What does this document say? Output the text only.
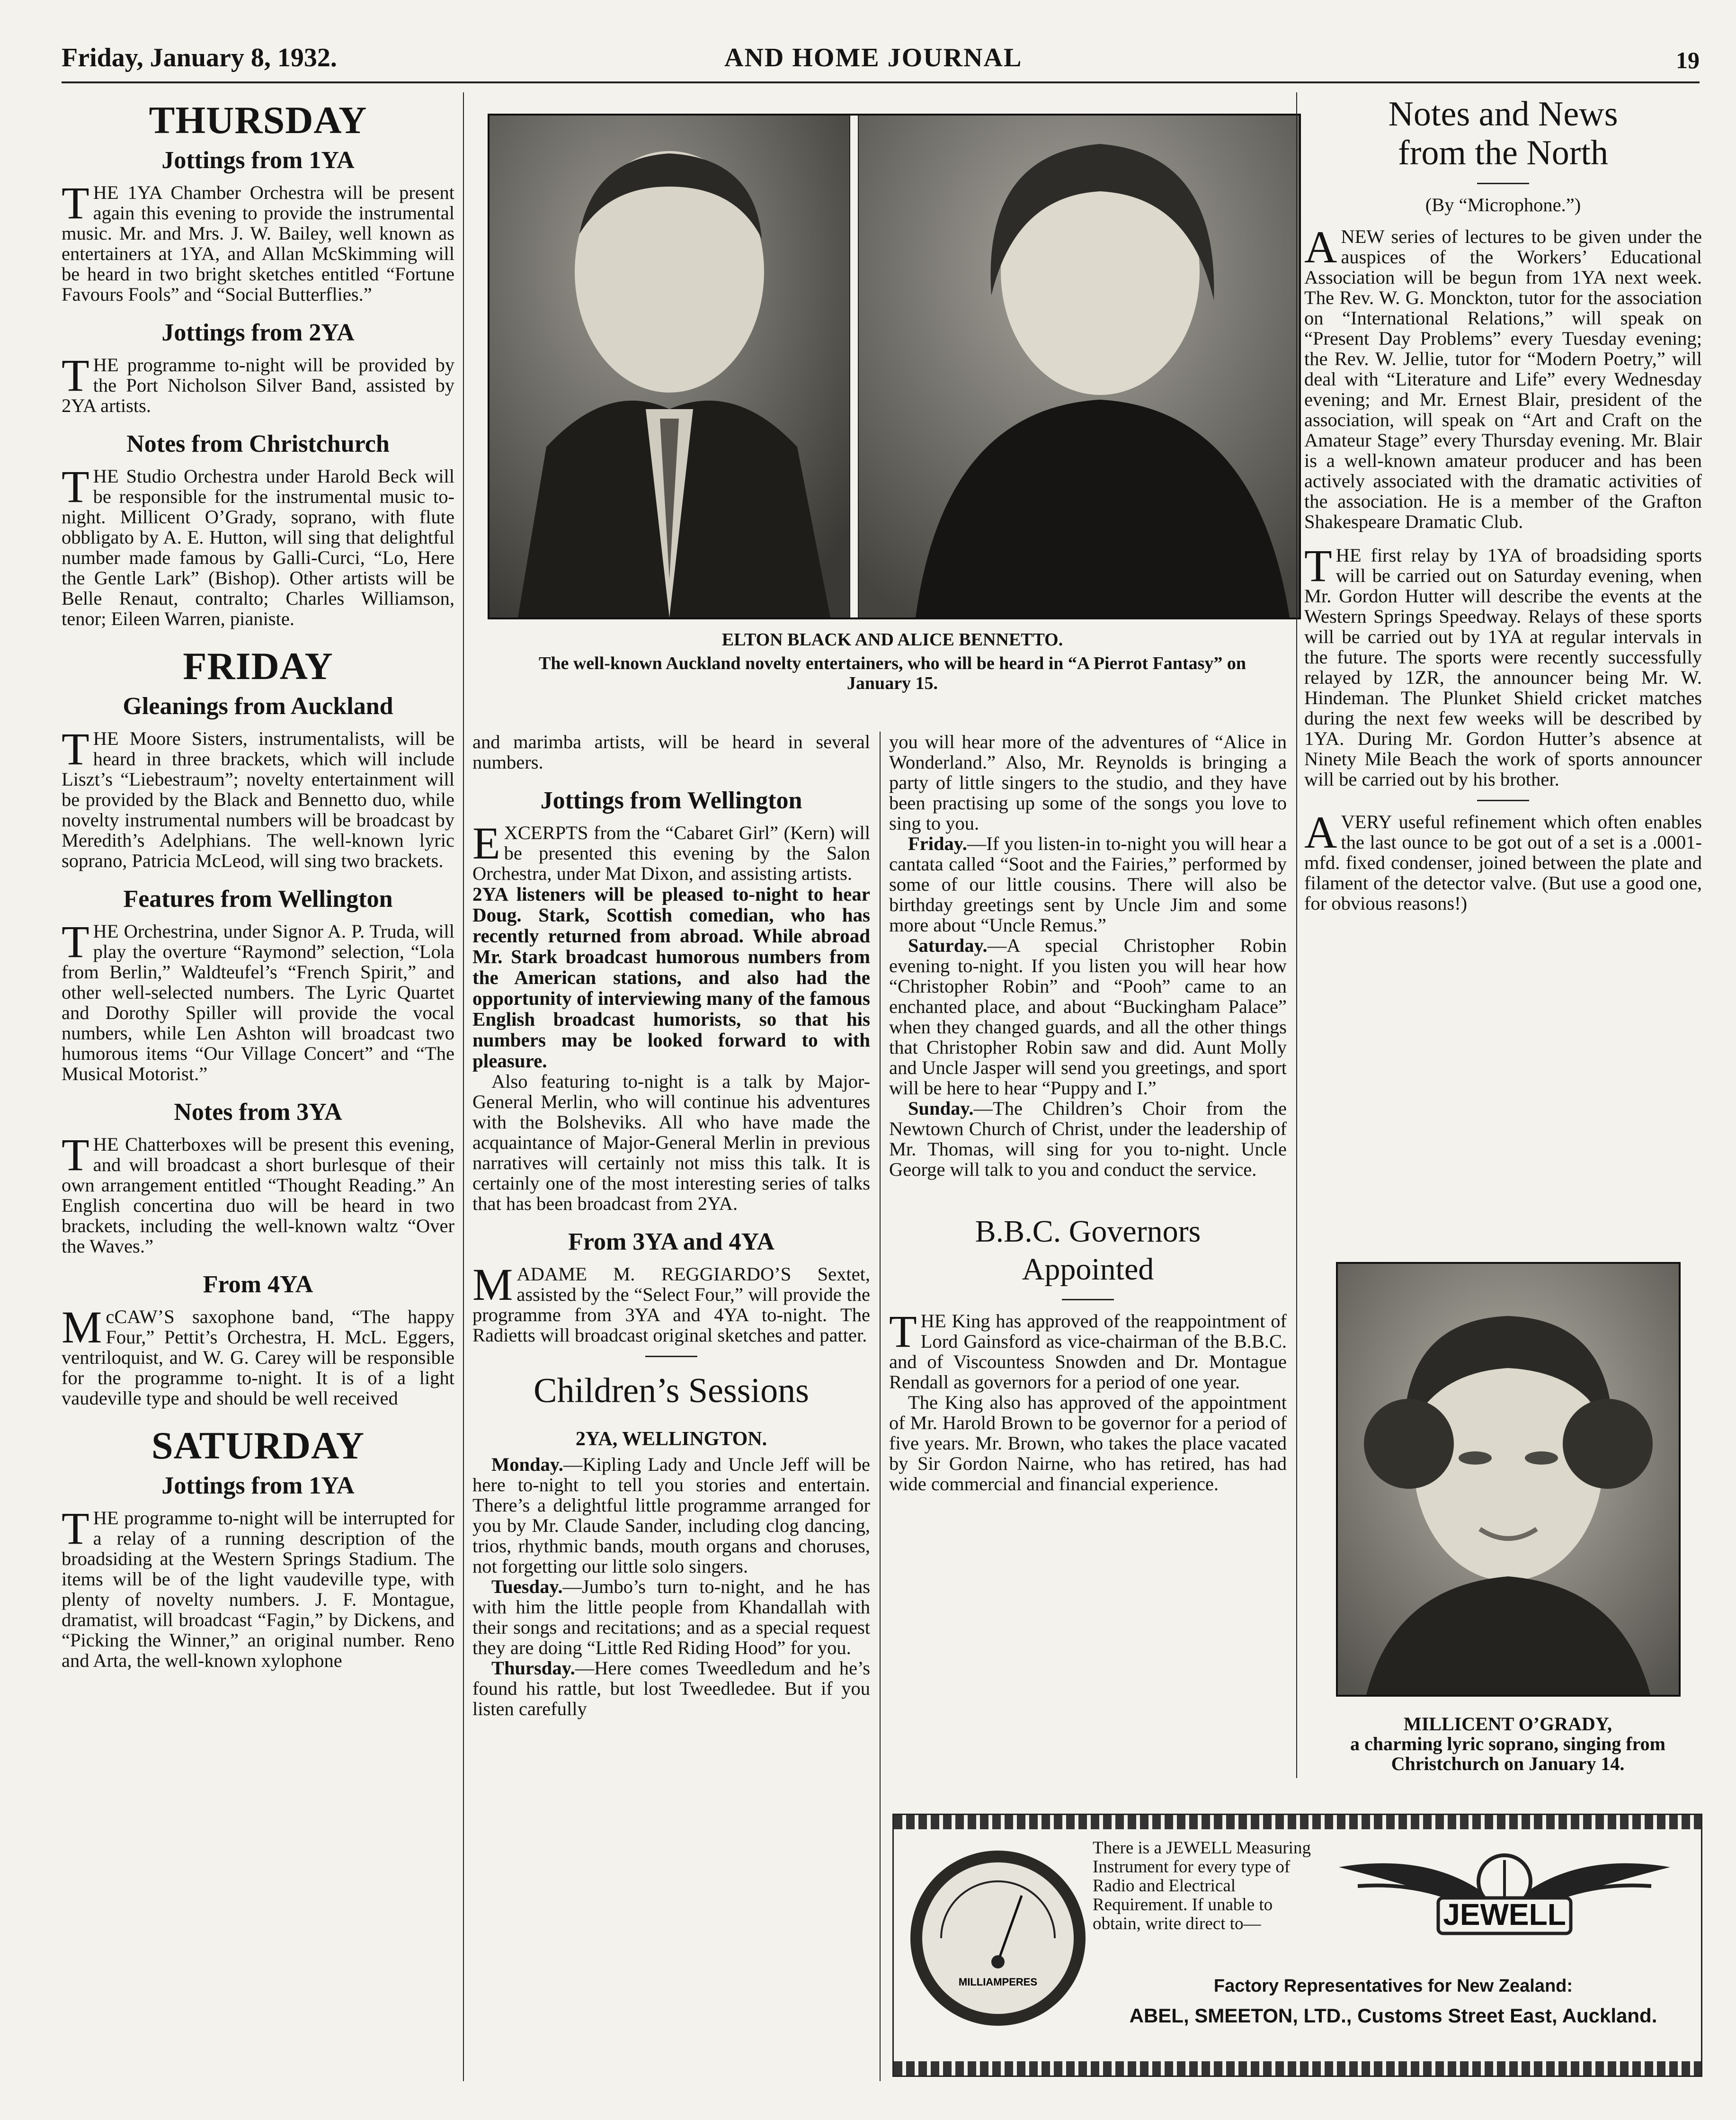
Friday, January 8, 1932.	AND HOME JOURNAL	19
THURSDAY
Jottings from 1YA

THE 1YA Chamber Orchestra will be present again this evening to provide the instrumental music. Mr. and Mrs. J. W. Bailey, well known as entertainers at 1YA, and Allan McSkimming will be heard in two bright sketches entitled “Fortune Favours Fools” and “Social Butterflies.”

Jottings from 2YA

THE programme to-night will be provided by the Port Nicholson Silver Band, assisted by 2YA artists.

Notes from Christchurch

THE Studio Orchestra under Harold Beck will be responsible for the instrumental music to-night. Millicent O’Grady, soprano, with flute obbligato by A. E. Hutton, will sing that delightful number made famous by Galli-Curci, “Lo, Here the Gentle Lark” (Bishop). Other artists will be Belle Renaut, contralto; Charles Williamson, tenor; Eileen Warren, pianiste.

FRIDAY
Gleanings from Auckland

THE Moore Sisters, instrumentalists, will be heard in three brackets, which will include Liszt’s “Liebestraum”; novelty entertainment will be provided by the Black and Bennetto duo, while novelty instrumental numbers will be broadcast by Meredith’s Adelphians. The well-known lyric soprano, Patricia McLeod, will sing two brackets.

Features from Wellington

THE Orchestrina, under Signor A. P. Truda, will play the overture “Raymond” selection, “Lola from Berlin,” Waldteufel’s “French Spirit,” and other well-selected numbers. The Lyric Quartet and Dorothy Spiller will provide the vocal numbers, while Len Ashton will broadcast two humorous items “Our Village Concert” and “The Musical Motorist.”

Notes from 3YA

THE Chatterboxes will be present this evening, and will broadcast a short burlesque of their own arrangement entitled “Thought Reading.” An English concertina duo will be heard in two brackets, including the well-known waltz “Over the Waves.”

From 4YA

McCAW’S saxophone band, “The happy Four,” Pettit’s Orchestra, H. McL. Eggers, ventriloquist, and W. G. Carey will be responsible for the programme to-night. It is of a light vaudeville type and should be well received

SATURDAY
Jottings from 1YA

THE programme to-night will be interrupted for a relay of a running description of the broadsiding at the Western Springs Stadium. The items will be of the light vaudeville type, with plenty of novelty numbers. J. F. Montague, dramatist, will broadcast “Fagin,” by Dickens, and “Picking the Winner,” an original number. Reno and Arta, the well-known xylophone

ELTON BLACK AND ALICE BENNETTO.
The well-known Auckland novelty entertainers, who will be heard in “A Pierrot Fantasy” on January 15.

and marimba artists, will be heard in several numbers.

Jottings from Wellington

EXCERPTS from the “Cabaret Girl” (Kern) will be presented this evening by the Salon Orchestra, under Mat Dixon, and assisting artists.

2YA listeners will be pleased to-night to hear Doug. Stark, Scottish comedian, who has recently returned from abroad. While abroad Mr. Stark broadcast humorous numbers from the American stations, and also had the opportunity of interviewing many of the famous English broadcast humorists, so that his numbers may be looked forward to with pleasure.

Also featuring to-night is a talk by Major-General Merlin, who will continue his adventures with the Bolsheviks. All who have made the acquaintance of Major-General Merlin in previous narratives will certainly not miss this talk. It is certainly one of the most interesting series of talks that has been broadcast from 2YA.

From 3YA and 4YA

MADAME M. REGGIARDO’S Sextet, assisted by the “Select Four,” will provide the programme from 3YA and 4YA to-night. The Radietts will broadcast original sketches and patter.

Children’s Sessions
2YA, WELLINGTON.

Monday.—Kipling Lady and Uncle Jeff will be here to-night to tell you stories and entertain. There’s a delightful little programme arranged for you by Mr. Claude Sander, including clog dancing, trios, rhythmic bands, mouth organs and choruses, not forgetting our little solo singers.

Tuesday.—Jumbo’s turn to-night, and he has with him the little people from Khandallah with their songs and recitations; and as a special request they are doing “Little Red Riding Hood” for you.

Thursday.—Here comes Tweedledum and he’s found his rattle, but lost Tweedledee. But if you listen carefully

you will hear more of the adventures of “Alice in Wonderland.” Also, Mr. Reynolds is bringing a party of little singers to the studio, and they have been practising up some of the songs you love to sing to you.

Friday.—If you listen-in to-night you will hear a cantata called “Soot and the Fairies,” performed by some of our little cousins. There will also be birthday greetings sent by Uncle Jim and some more about “Uncle Remus.”

Saturday.—A special Christopher Robin evening to-night. If you listen you will hear how “Christopher Robin” and “Pooh” came to an enchanted place, and about “Buckingham Palace” when they changed guards, and all the other things that Christopher Robin saw and did. Aunt Molly and Uncle Jasper will send you greetings, and sport will be here to hear “Puppy and I.”

Sunday.—The Children’s Choir from the Newtown Church of Christ, under the leadership of Mr. Thomas, will sing for you to-night. Uncle George will talk to you and conduct the service.

B.B.C. Governors
Appointed

THE King has approved of the reappointment of Lord Gainsford as vice-chairman of the B.B.C. and of Viscountess Snowden and Dr. Montague Rendall as governors for a period of one year.

The King also has approved of the appointment of Mr. Harold Brown to be governor for a period of five years. Mr. Brown, who takes the place vacated by Sir Gordon Nairne, who has retired, has had wide commercial and financial experience.

Notes and News
from the North
(By “Microphone.”)

ANEW series of lectures to be given under the auspices of the Workers’ Educational Association will be begun from 1YA next week. The Rev. W. G. Monckton, tutor for the association on “International Relations,” will speak on “Present Day Problems” every Tuesday evening; the Rev. W. Jellie, tutor for “Modern Poetry,” will deal with “Literature and Life” every Wednesday evening; and Mr. Ernest Blair, president of the association, will speak on “Art and Craft on the Amateur Stage” every Thursday evening. Mr. Blair is a well-known amateur producer and has been actively associated with the dramatic activities of the association. He is a member of the Grafton Shakespeare Dramatic Club.

THE first relay by 1YA of broadsiding sports will be carried out on Saturday evening, when Mr. Gordon Hutter will describe the events at the Western Springs Speedway. Relays of these sports will be carried out by 1YA at regular intervals in the future. The sports were recently successfully relayed by 1ZR, the announcer being Mr. W. Hindeman. The Plunket Shield cricket matches during the next few weeks will be described by 1YA. During Mr. Gordon Hutter’s absence at Ninety Mile Beach the work of sports announcer will be carried out by his brother.

AVERY useful refinement which often enables the last ounce to be got out of a set is a .0001-mfd. fixed condenser, joined between the plate and filament of the detector valve. (But use a good one, for obvious reasons!)

MILLICENT O’GRADY,
a charming lyric soprano, singing from Christchurch on January 14.
MILLIAMPERES
There is a JEWELL Measuring Instrument for every type of Radio and Electrical Requirement. If unable to obtain, write direct to—	JEWELL
Factory Representatives for New Zealand:
ABEL, SMEETON, LTD., Customs Street East, Auckland.
